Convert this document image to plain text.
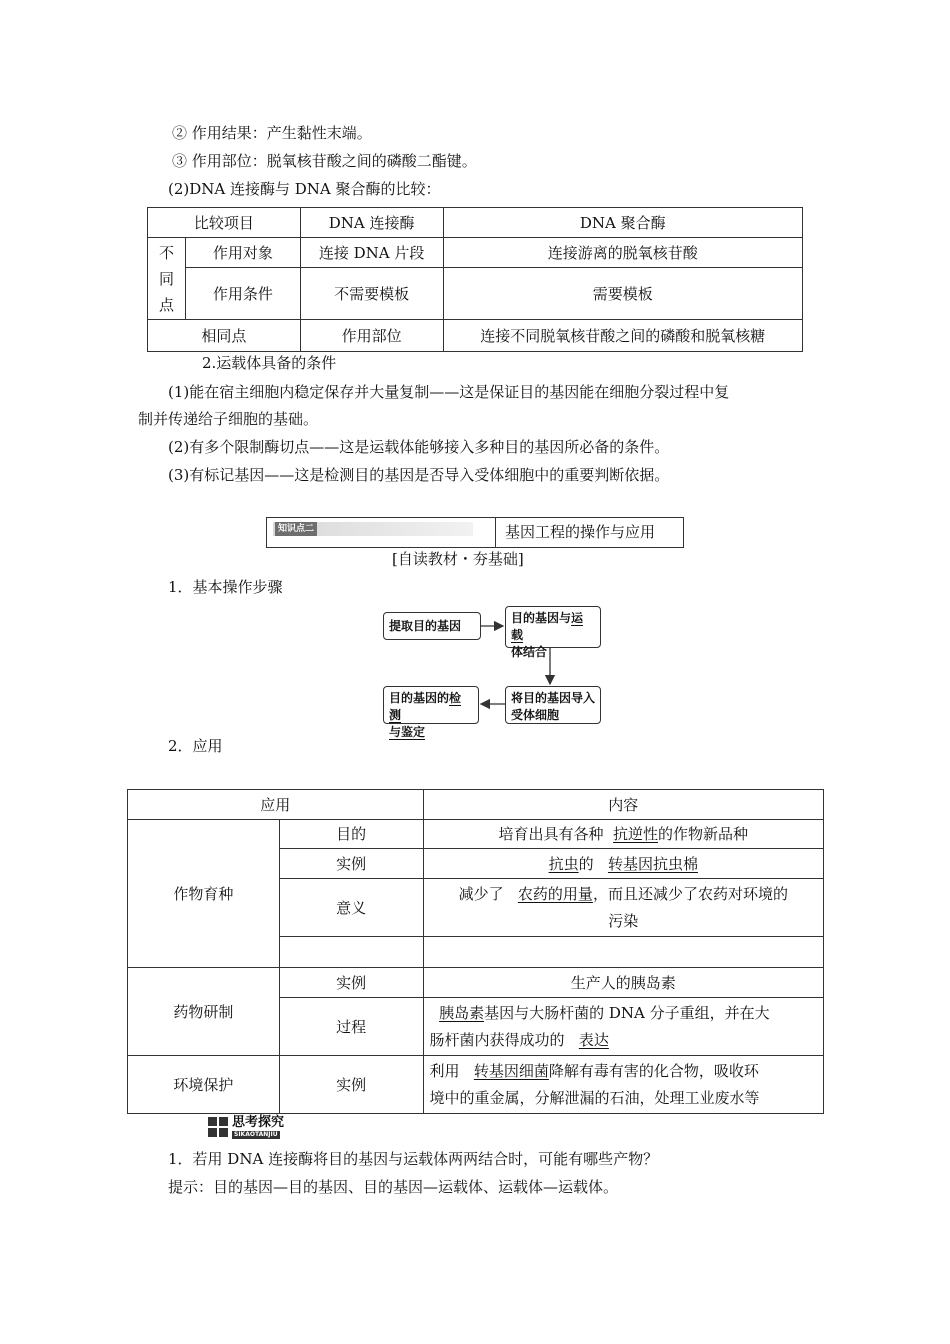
② 作用结果：产生黏性末端。
③ 作用部位：脱氧核苷酸之间的磷酸二酯键。
(2)DNA 连接酶与 DNA 聚合酶的比较：
比较项目		DNA 连接酶	DNA 聚合酶
不
同
点	作用对象	连接 DNA 片段	连接游离的脱氧核苷酸
	作用条件	不需要模板	需要模板
相同点		作用部位	连接不同脱氧核苷酸之间的磷酸和脱氧核糖
2.运载体具备的条件
(1)能在宿主细胞内稳定保存并大量复制——这是保证目的基因能在细胞分裂过程中复
制并传递给子细胞的基础。
(2)有多个限制酶切点——这是运载体能够接入多种目的基因所必备的条件。
(3)有标记基因——这是检测目的基因是否导入受体细胞中的重要判断依据。
知识点二	基因工程的操作与应用
[自读教材・夯基础]
1．基本操作步骤
提取目的基因
目的基因与运载
体结合
将目的基因导入
受体细胞
目的基因的检测
与鉴定
2．应用
应用		内容
作物育种	目的	培育出具有各种 抗逆性的作物新品种
	实例	抗虫的 转基因抗虫棉
	意义	减少了 农药的用量，而且还减少了农药对环境的
污染

药物研制	实例	生产人的胰岛素
	过程	胰岛素基因与大肠杆菌的 DNA 分子重组，并在大
肠杆菌内获得成功的 表达
环境保护	实例	利用 转基因细菌降解有毒有害的化合物，吸收环
境中的重金属，分解泄漏的石油，处理工业废水等
思考探究
SIKAOTANJIU
1．若用 DNA 连接酶将目的基因与运载体两两结合时，可能有哪些产物？
提示：目的基因—目的基因、目的基因—运载体、运载体—运载体。
